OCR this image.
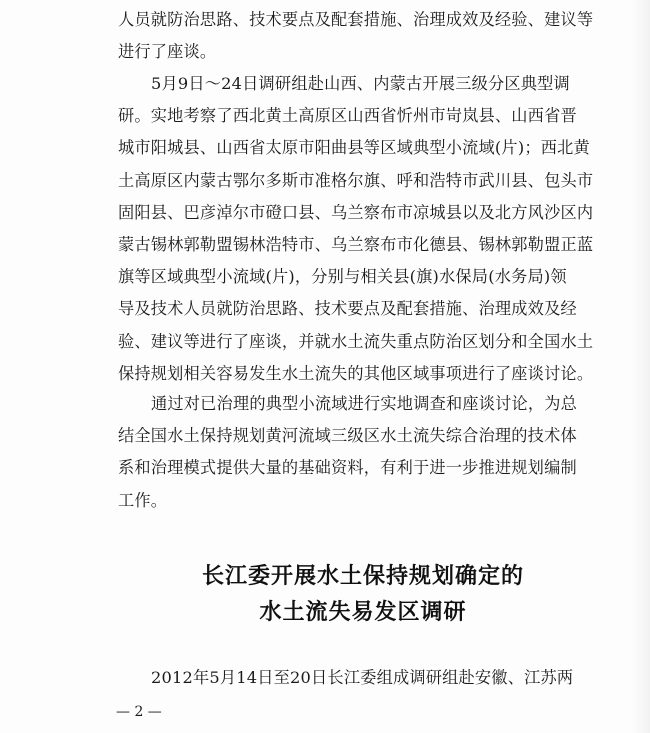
人员就防治思路、技术要点及配套措施、治理成效及经验、建议等
进行了座谈。
5月9日～24日调研组赴山西、内蒙古开展三级分区典型调
研。实地考察了西北黄土高原区山西省忻州市岢岚县、山西省晋
城市阳城县、山西省太原市阳曲县等区域典型小流域(片)；西北黄
土高原区内蒙古鄂尔多斯市准格尔旗、呼和浩特市武川县、包头市
固阳县、巴彦淖尔市磴口县、乌兰察布市凉城县以及北方风沙区内
蒙古锡林郭勒盟锡林浩特市、乌兰察布市化德县、锡林郭勒盟正蓝
旗等区域典型小流域(片)，分别与相关县(旗)水保局(水务局)领
导及技术人员就防治思路、技术要点及配套措施、治理成效及经
验、建议等进行了座谈，并就水土流失重点防治区划分和全国水土
保持规划相关容易发生水土流失的其他区域事项进行了座谈讨论。
通过对已治理的典型小流域进行实地调查和座谈讨论，为总
结全国水土保持规划黄河流域三级区水土流失综合治理的技术体
系和治理模式提供大量的基础资料，有利于进一步推进规划编制
工作。
长江委开展水土保持规划确定的
水土流失易发区调研
2012年5月14日至20日长江委组成调研组赴安徽、江苏两
— 2 —
